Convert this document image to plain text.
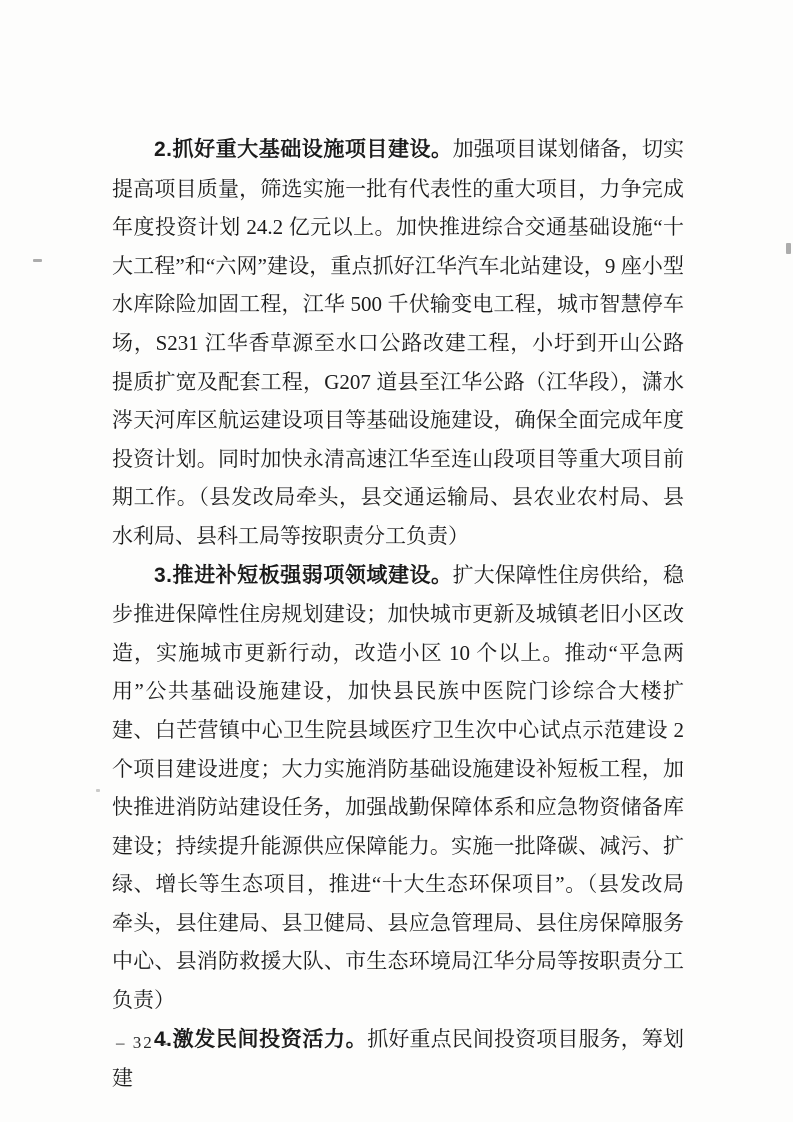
2.抓好重大基础设施项目建设。加强项目谋划储备，切实提高项目质量，筛选实施一批有代表性的重大项目，力争完成年度投资计划 24.2 亿元以上。加快推进综合交通基础设施“十大工程”和“六网”建设，重点抓好江华汽车北站建设，9 座小型水库除险加固工程，江华 500 千伏输变电工程，城市智慧停车场，S231 江华香草源至水口公路改建工程，小圩到开山公路提质扩宽及配套工程，G207 道县至江华公路（江华段），潇水涔天河库区航运建设项目等基础设施建设，确保全面完成年度投资计划。同时加快永清高速江华至连山段项目等重大项目前期工作。（县发改局牵头，县交通运输局、县农业农村局、县水利局、县科工局等按职责分工负责）

3.推进补短板强弱项领域建设。扩大保障性住房供给，稳步推进保障性住房规划建设；加快城市更新及城镇老旧小区改造，实施城市更新行动，改造小区 10 个以上。推动“平急两用”公共基础设施建设，加快县民族中医院门诊综合大楼扩建、白芒营镇中心卫生院县域医疗卫生次中心试点示范建设 2 个项目建设进度；大力实施消防基础设施建设补短板工程，加快推进消防站建设任务，加强战勤保障体系和应急物资储备库建设；持续提升能源供应保障能力。实施一批降碳、减污、扩绿、增长等生态项目，推进“十大生态环保项目”。（县发改局牵头，县住建局、县卫健局、县应急管理局、县住房保障服务中心、县消防救援大队、市生态环境局江华分局等按职责分工负责）

4.激发民间投资活力。抓好重点民间投资项目服务，筹划建

– 32 –
